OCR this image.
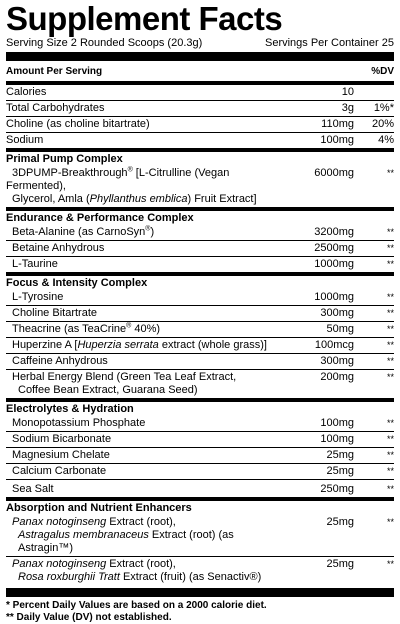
Supplement Facts
Serving Size 2 Rounded Scoops (20.3g)	Servings Per Container 25
Amount Per Serving	%DV
Calories	10
Total Carbohydrates	3g	1%*
Choline (as choline bitartrate)	110mg	20%
Sodium	100mg	4%
Primal Pump Complex
3DPUMP-Breakthrough® [L-Citrulline (Vegan Fermented),
Glycerol, Amla (Phyllanthus emblica) Fruit Extract]
6000mg	**
Endurance & Performance Complex
Beta-Alanine (as CarnoSyn®)	3200mg	**
Betaine Anhydrous	2500mg	**
L-Taurine	1000mg	**
Focus & Intensity Complex
L-Tyrosine	1000mg	**
Choline Bitartrate	300mg	**
Theacrine (as TeaCrine® 40%)	50mg	**
Huperzine A [Huperzia serrata extract (whole grass)]	100mcg	**
Caffeine Anhydrous	300mg	**
Herbal Energy Blend (Green Tea Leaf Extract,
Coffee Bean Extract, Guarana Seed)
200mg	**
Electrolytes & Hydration
Monopotassium Phosphate	100mg	**
Sodium Bicarbonate	100mg	**
Magnesium Chelate	25mg	**
Calcium Carbonate	25mg	**
Sea Salt	250mg	**
Absorption and Nutrient Enhancers
Panax notoginseng Extract (root),
Astragalus membranaceus Extract (root) (as Astragin™)
25mg	**
Panax notoginseng Extract (root),
Rosa roxburghii Tratt Extract (fruit) (as Senactiv®)
25mg	**
* Percent Daily Values are based on a 2000 calorie diet.
** Daily Value (DV) not established.
